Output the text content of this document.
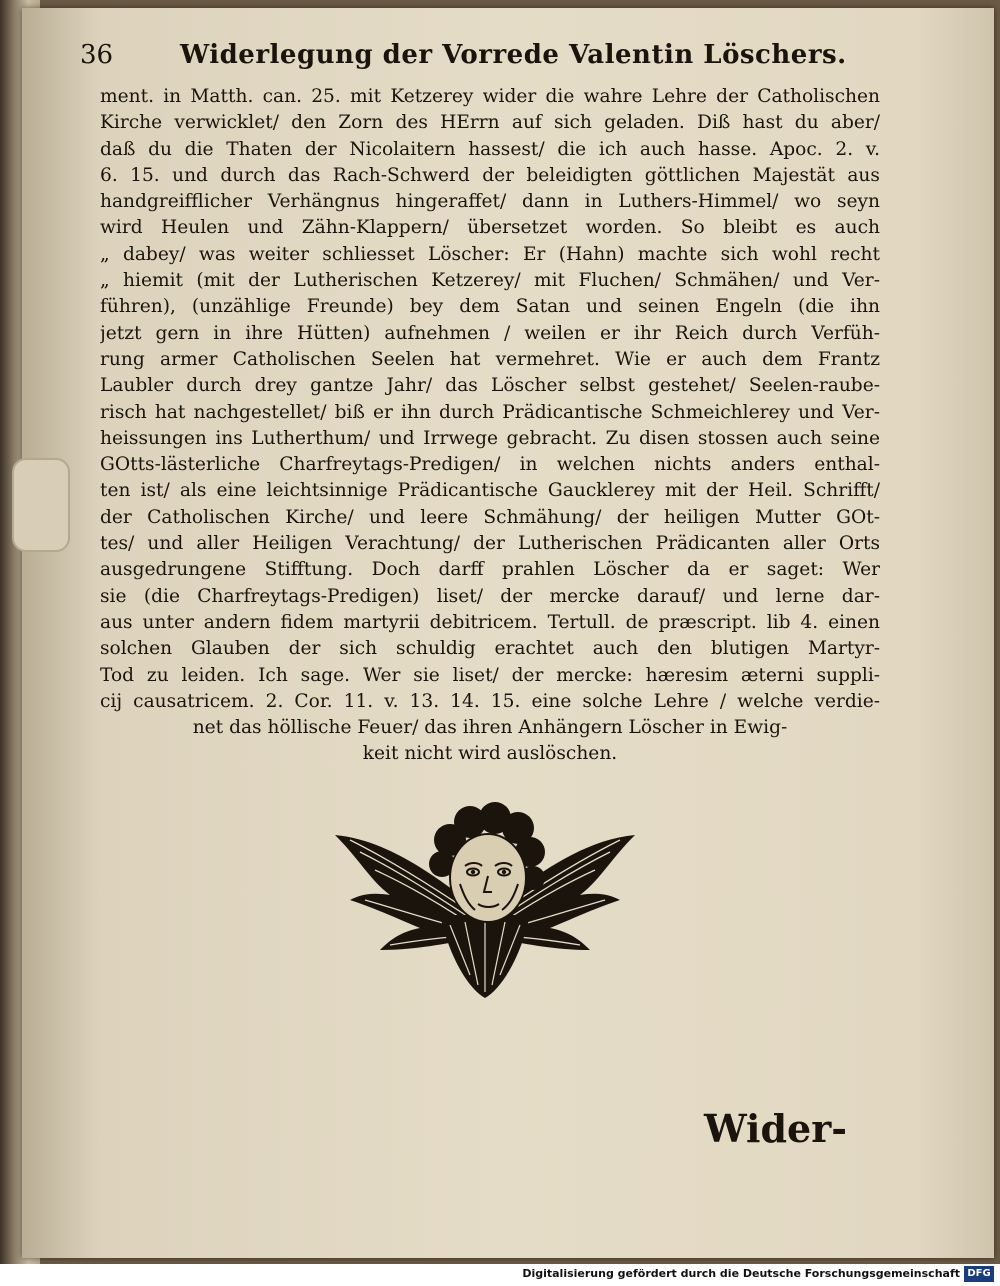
36	Widerlegung der Vorrede Valentin Löschers.
ment. in Matth. can. 25. mit Ketzerey wider die wahre Lehre der Catholischen
Kirche verwicklet/ den Zorn des HErrn auf sich geladen. Diß hast du aber/
daß du die Thaten der Nicolaitern hassest/ die ich auch hasse. Apoc. 2. v.
6. 15. und durch das Rach-Schwerd der beleidigten göttlichen Majestät aus
handgreifflicher Verhängnus hingeraffet/ dann in Luthers-Himmel/ wo seyn
wird Heulen und Zähn-Klappern/ übersetzet worden. So bleibt es auch
„ dabey/ was weiter schliesset Löscher: Er (Hahn) machte sich wohl recht
„ hiemit (mit der Lutherischen Ketzerey/ mit Fluchen/ Schmähen/ und Ver-
führen), (unzählige Freunde) bey dem Satan und seinen Engeln (die ihn
jetzt gern in ihre Hütten) aufnehmen / weilen er ihr Reich durch Verfüh-
rung armer Catholischen Seelen hat vermehret. Wie er auch dem Frantz
Laubler durch drey gantze Jahr/ das Löscher selbst gestehet/ Seelen-raube-
risch hat nachgestellet/ biß er ihn durch Prädicantische Schmeichlerey und Ver-
heissungen ins Lutherthum/ und Irrwege gebracht. Zu disen stossen auch seine
GOtts-lästerliche Charfreytags-Predigen/ in welchen nichts anders enthal-
ten ist/ als eine leichtsinnige Prädicantische Gaucklerey mit der Heil. Schrifft/
der Catholischen Kirche/ und leere Schmähung/ der heiligen Mutter GOt-
tes/ und aller Heiligen Verachtung/ der Lutherischen Prädicanten aller Orts
ausgedrungene Stifftung. Doch darff prahlen Löscher da er saget: Wer
sie (die Charfreytags-Predigen) liset/ der mercke darauf/ und lerne dar-
aus unter andern fidem martyrii debitricem. Tertull. de præscript. lib 4. einen
solchen Glauben der sich schuldig erachtet auch den blutigen Martyr-
Tod zu leiden. Ich sage. Wer sie liset/ der mercke: hæresim æterni suppli-
cij causatricem. 2. Cor. 11. v. 13. 14. 15. eine solche Lehre / welche verdie-
net das höllische Feuer/ das ihren Anhängern Löscher in Ewig-
keit nicht wird auslöschen.
Wider-
Digitalisierung gefördert durch die Deutsche Forschungsgemeinschaft DFG
